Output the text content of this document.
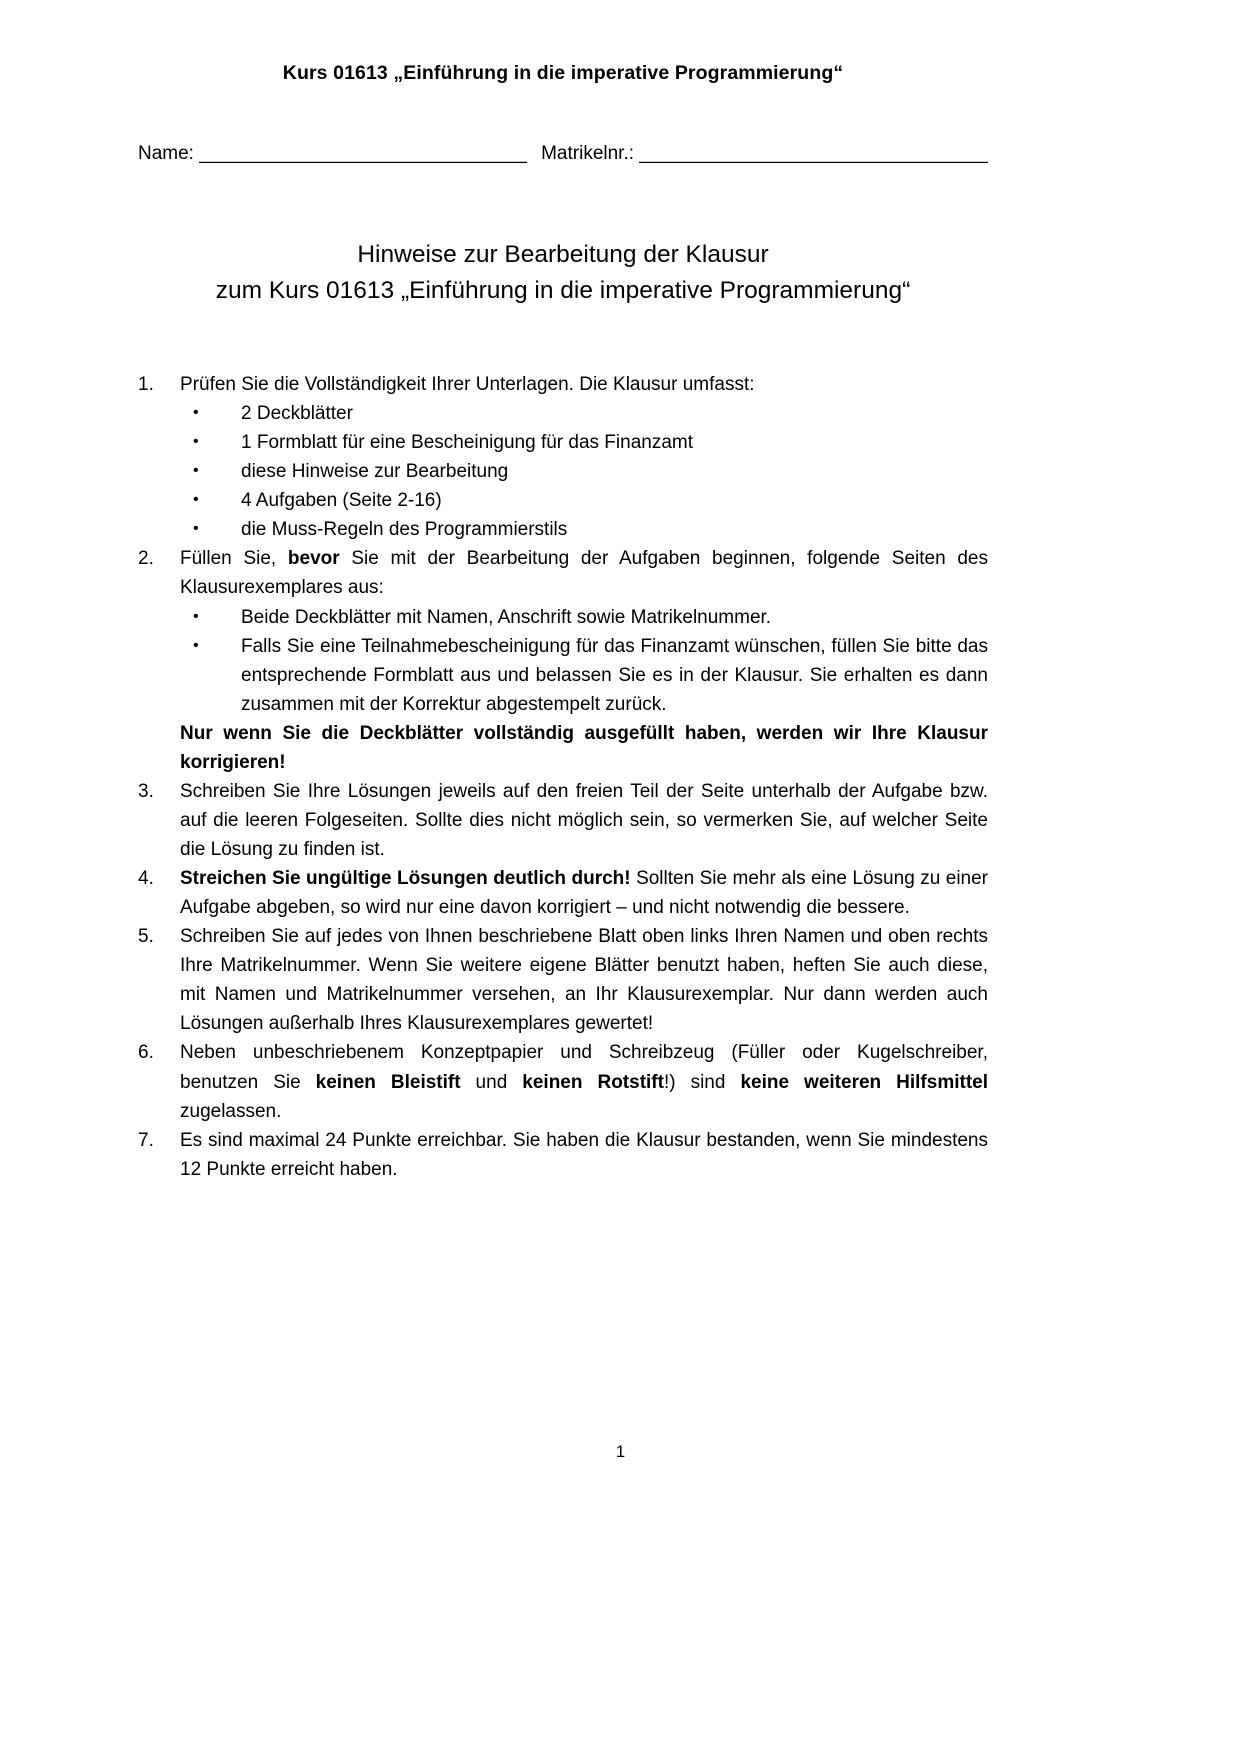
Kurs 01613 „Einführung in die imperative Programmierung“
Name: _______________________________ Matrikelnr.: _________________________________
Hinweise zur Bearbeitung der Klausur
zum Kurs 01613 „Einführung in die imperative Programmierung“
1.	Prüfen Sie die Vollständigkeit Ihrer Unterlagen. Die Klausur umfasst:
•	2 Deckblätter
•	1 Formblatt für eine Bescheinigung für das Finanzamt
•	diese Hinweise zur Bearbeitung
•	4 Aufgaben (Seite 2-16)
•	die Muss-Regeln des Programmierstils
2.	Füllen Sie, bevor Sie mit der Bearbeitung der Aufgaben beginnen, folgende Seiten des Klausurexemplares aus:
•	Beide Deckblätter mit Namen, Anschrift sowie Matrikelnummer.
•	Falls Sie eine Teilnahmebescheinigung für das Finanzamt wünschen, füllen Sie bitte das entsprechende Formblatt aus und belassen Sie es in der Klausur. Sie erhalten es dann zusammen mit der Korrektur abgestempelt zurück.
Nur wenn Sie die Deckblätter vollständig ausgefüllt haben, werden wir Ihre Klausur korrigieren!
3.	Schreiben Sie Ihre Lösungen jeweils auf den freien Teil der Seite unterhalb der Aufgabe bzw. auf die leeren Folgeseiten. Sollte dies nicht möglich sein, so vermerken Sie, auf welcher Seite die Lösung zu finden ist.
4.	Streichen Sie ungültige Lösungen deutlich durch! Sollten Sie mehr als eine Lösung zu einer Aufgabe abgeben, so wird nur eine davon korrigiert – und nicht notwendig die bessere.
5.	Schreiben Sie auf jedes von Ihnen beschriebene Blatt oben links Ihren Namen und oben rechts Ihre Matrikelnummer. Wenn Sie weitere eigene Blätter benutzt haben, heften Sie auch diese, mit Namen und Matrikelnummer versehen, an Ihr Klausurexemplar. Nur dann werden auch Lösungen außerhalb Ihres Klausurexemplares gewertet!
6.	Neben unbeschriebenem Konzeptpapier und Schreibzeug (Füller oder Kugelschreiber, benutzen Sie keinen Bleistift und keinen Rotstift!) sind keine weiteren Hilfsmittel zugelassen.
7.	Es sind maximal 24 Punkte erreichbar. Sie haben die Klausur bestanden, wenn Sie mindestens 12 Punkte erreicht haben.
1
